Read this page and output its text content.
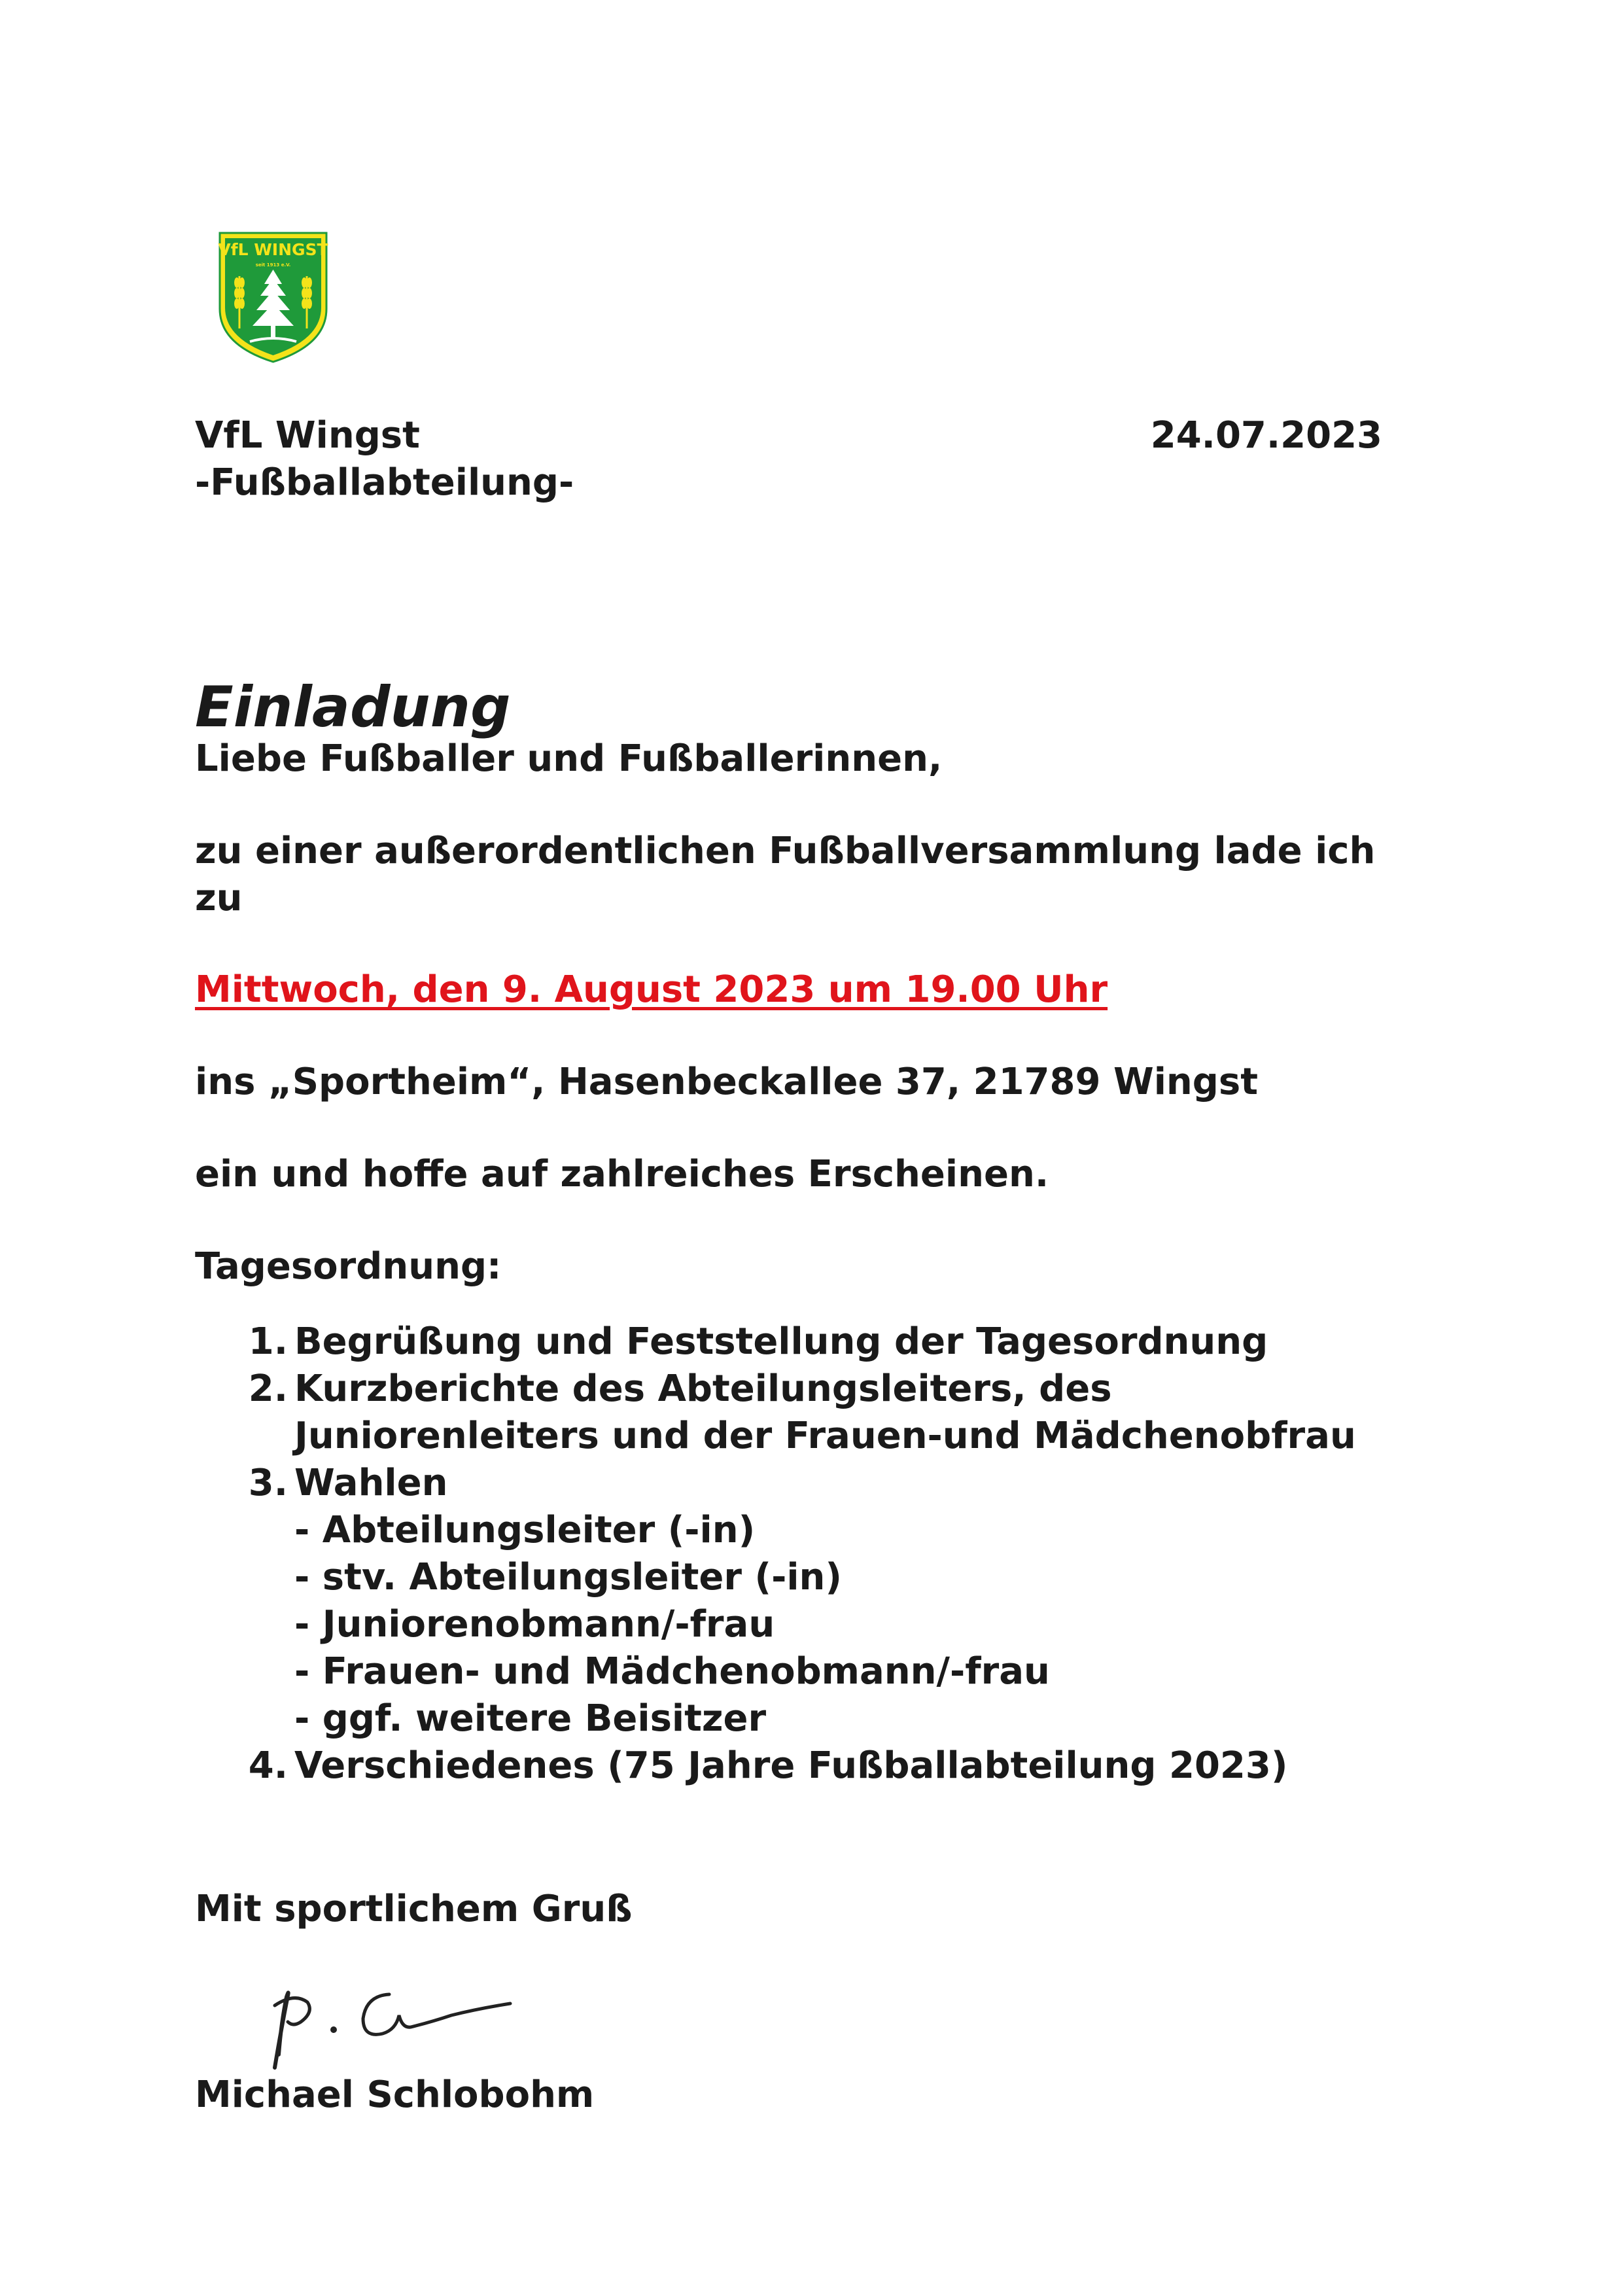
VfL WINGST
seit 1913 e.V.

VfL Wingst

-Fußballabteilung-

24.07.2023

Einladung

Liebe Fußballer und Fußballerinnen,

zu einer außerordentlichen Fußballversammlung lade ich

zu

Mittwoch, den 9. August 2023 um 19.00 Uhr

ins „Sportheim“, Hasenbeckallee 37, 21789 Wingst

ein und hoffe auf zahlreiches Erscheinen.

Tagesordnung:

1. Begrüßung und Feststellung der Tagesordnung
2. Kurzberichte des Abteilungsleiters, des
Juniorenleiters und der Frauen-und Mädchenobfrau
3. Wahlen
- Abteilungsleiter (-in)
- stv. Abteilungsleiter (-in)
- Juniorenobmann/-frau
- Frauen- und Mädchenobmann/-frau
- ggf. weitere Beisitzer
4. Verschiedenes (75 Jahre Fußballabteilung 2023)

Mit sportlichem Gruß

Michael Schlobohm
